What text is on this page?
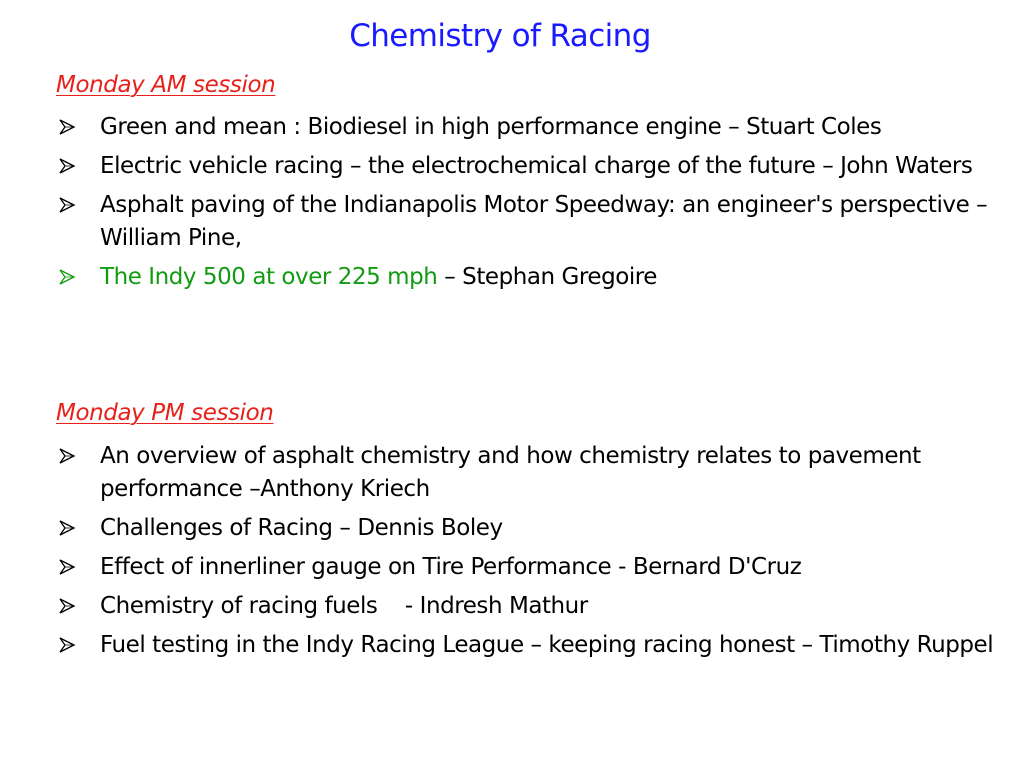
Chemistry of Racing
Monday AM session
Green and mean : Biodiesel in high performance engine – Stuart Coles
Electric vehicle racing – the electrochemical charge of the future – John Waters
Asphalt paving of the Indianapolis Motor Speedway: an engineer's perspective – William Pine,
The Indy 500 at over 225 mph – Stephan Gregoire
Monday PM session
An overview of asphalt chemistry and how chemistry relates to pavement performance –Anthony Kriech
Challenges of Racing – Dennis Boley
Effect of innerliner gauge on Tire Performance - Bernard D'Cruz
Chemistry of racing fuels    - Indresh Mathur
Fuel testing in the Indy Racing League – keeping racing honest – Timothy Ruppel
